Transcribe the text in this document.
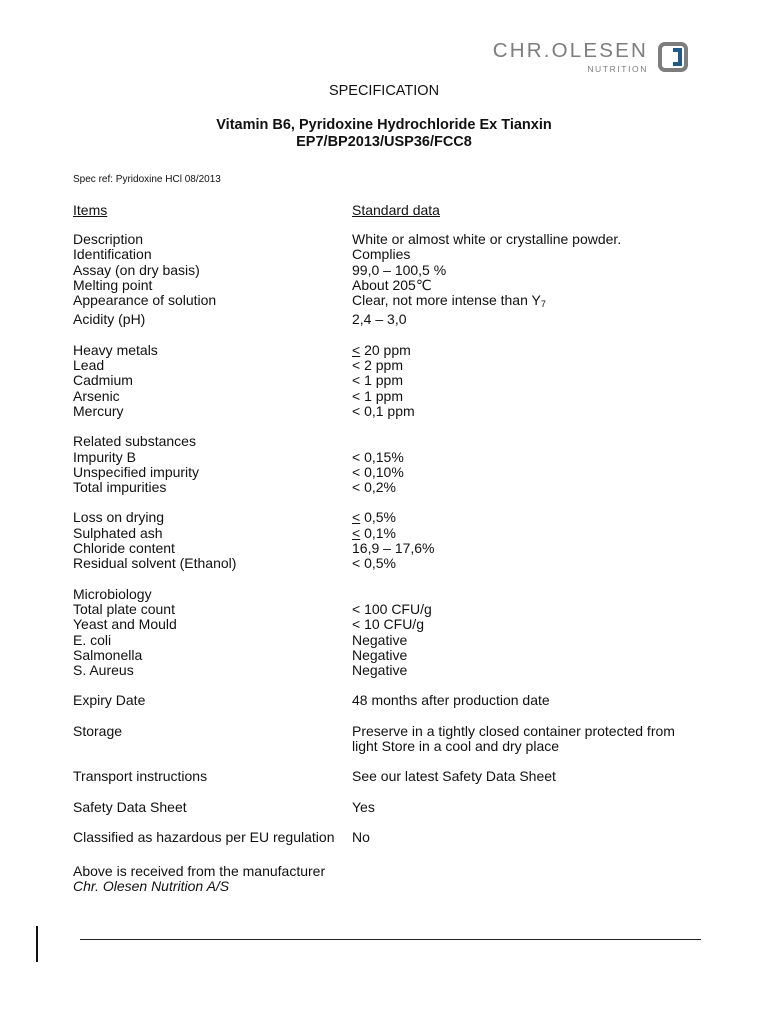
CHR.OLESEN
NUTRITION
SPECIFICATION
Vitamin B6, Pyridoxine Hydrochloride Ex Tianxin
EP7/BP2013/USP36/FCC8
Spec ref: Pyridoxine HCl 08/2013
Items	Standard data
Description	White or almost white or crystalline powder.
Identification	Complies
Assay (on dry basis)	99,0 – 100,5 %
Melting point	About 205℃
Appearance of solution	Clear, not more intense than $Y_7$
Acidity (pH)	2,4 – 3,0
Heavy metals	< 20 ppm
Lead	< 2 ppm
Cadmium	< 1 ppm
Arsenic	< 1 ppm
Mercury	< 0,1 ppm
Related substances
Impurity B	< 0,15%
Unspecified impurity	< 0,10%
Total impurities	< 0,2%
Loss on drying	< 0,5%
Sulphated ash	< 0,1%
Chloride content	16,9 – 17,6%
Residual solvent (Ethanol)	< 0,5%
Microbiology
Total plate count	< 100 CFU/g
Yeast and Mould	< 10 CFU/g
E. coli	Negative
Salmonella	Negative
S. Aureus	Negative
Expiry Date	48 months after production date
Storage	Preserve in a tightly closed container protected from
light Store in a cool and dry place
Transport instructions	See our latest Safety Data Sheet
Safety Data Sheet	Yes
Classified as hazardous per EU regulation	No
Above is received from the manufacturer
Chr. Olesen Nutrition A/S
